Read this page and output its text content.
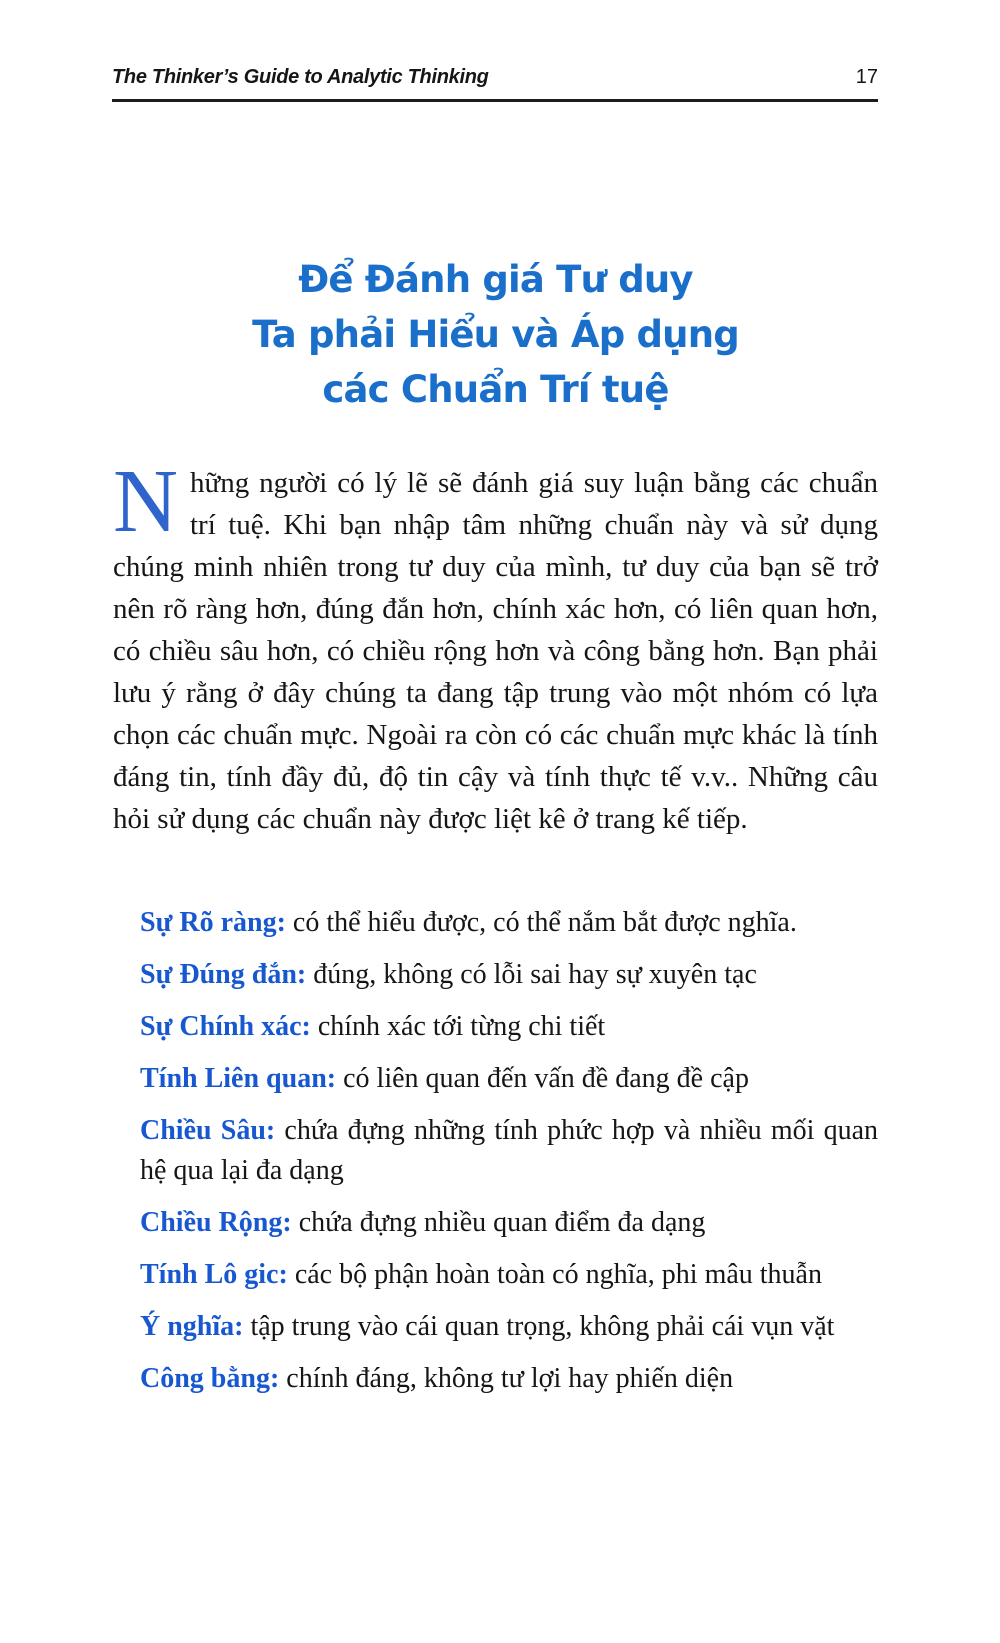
The Thinker’s Guide to Analytic Thinking	17
Để Đánh giá Tư duy
Ta phải Hiểu và Áp dụng
các Chuẩn Trí tuệ

Những người có lý lẽ sẽ đánh giá suy luận bằng các chuẩn trí tuệ. Khi bạn nhập tâm những chuẩn này và sử dụng chúng minh nhiên trong tư duy của mình, tư duy của bạn sẽ trở nên rõ ràng hơn, đúng đắn hơn, chính xác hơn, có liên quan hơn, có chiều sâu hơn, có chiều rộng hơn và công bằng hơn. Bạn phải lưu ý rằng ở đây chúng ta đang tập trung vào một nhóm có lựa chọn các chuẩn mực. Ngoài ra còn có các chuẩn mực khác là tính đáng tin, tính đầy đủ, độ tin cậy và tính thực tế v.v.. Những câu hỏi sử dụng các chuẩn này được liệt kê ở trang kế tiếp.

Sự Rõ ràng: có thể hiểu được, có thể nắm bắt được nghĩa.

Sự Đúng đắn: đúng, không có lỗi sai hay sự xuyên tạc

Sự Chính xác: chính xác tới từng chi tiết

Tính Liên quan: có liên quan đến vấn đề đang đề cập

Chiều Sâu: chứa đựng những tính phức hợp và nhiều mối quan hệ qua lại đa dạng

Chiều Rộng: chứa đựng nhiều quan điểm đa dạng

Tính Lô gic: các bộ phận hoàn toàn có nghĩa, phi mâu thuẫn

Ý nghĩa: tập trung vào cái quan trọng, không phải cái vụn vặt

Công bằng: chính đáng, không tư lợi hay phiến diện
